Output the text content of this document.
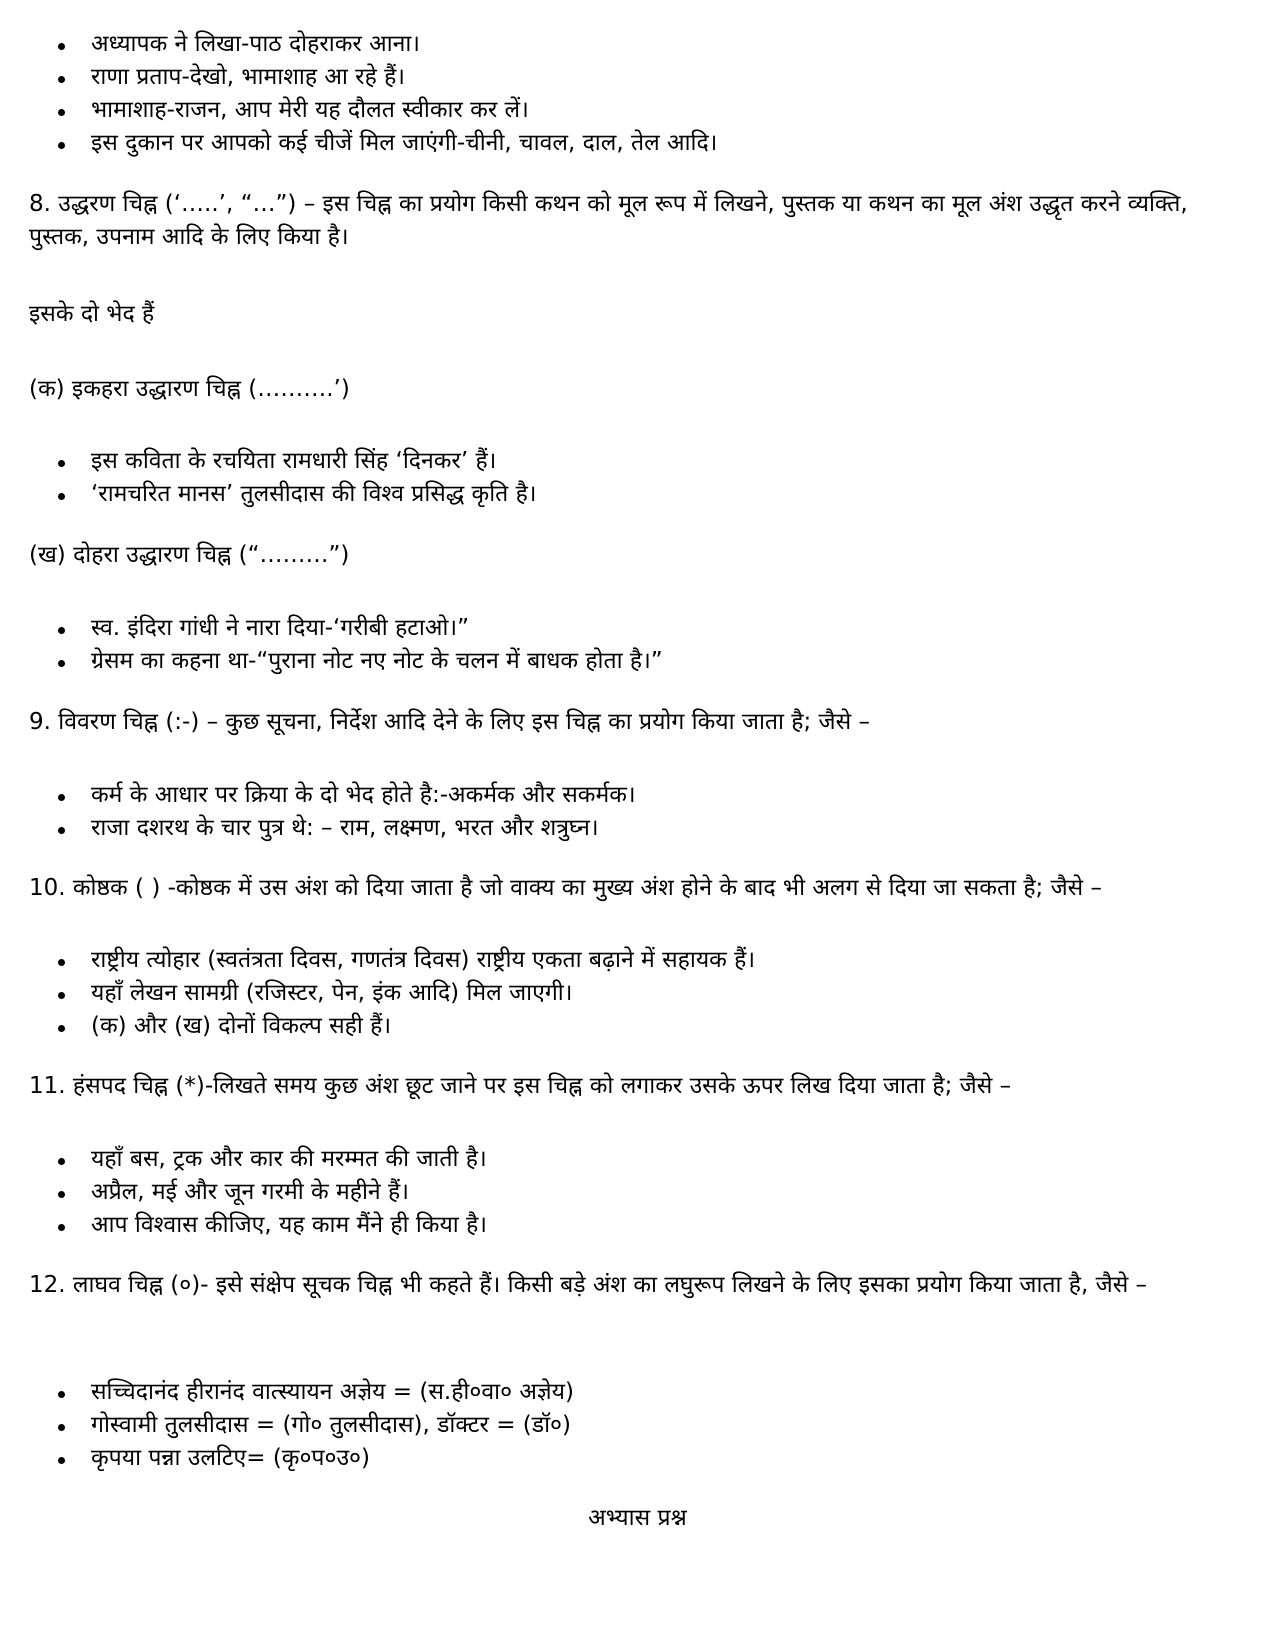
अध्यापक ने लिखा-पाठ दोहराकर आना।
राणा प्रताप-देखो, भामाशाह आ रहे हैं।
भामाशाह-राजन, आप मेरी यह दौलत स्वीकार कर लें।
इस दुकान पर आपको कई चीजें मिल जाएंगी-चीनी, चावल, दाल, तेल आदि।

8. उद्धरण चिह्न (‘…..’, “…”) – इस चिह्न का प्रयोग किसी कथन को मूल रूप में लिखने, पुस्तक या कथन का मूल अंश उद्धृत करने व्यक्ति, पुस्तक, उपनाम आदि के लिए किया है।

इसके दो भेद हैं

(क) इकहरा उद्धारण चिह्न (……….’)

इस कविता के रचयिता रामधारी सिंह ‘दिनकर’ हैं।
‘रामचरित मानस’ तुलसीदास की विश्व प्रसिद्ध कृति है।

(ख) दोहरा उद्धारण चिह्न (“………”)

स्व. इंदिरा गांधी ने नारा दिया-‘गरीबी हटाओ।”
ग्रेसम का कहना था-“पुराना नोट नए नोट के चलन में बाधक होता है।”

9. विवरण चिह्न (:-) – कुछ सूचना, निर्देश आदि देने के लिए इस चिह्न का प्रयोग किया जाता है; जैसे –

कर्म के आधार पर क्रिया के दो भेद होते है:-अकर्मक और सकर्मक।
राजा दशरथ के चार पुत्र थे: – राम, लक्ष्मण, भरत और शत्रुघ्न।

10. कोष्ठक ( ) -कोष्ठक में उस अंश को दिया जाता है जो वाक्य का मुख्य अंश होने के बाद भी अलग से दिया जा सकता है; जैसे –

राष्ट्रीय त्योहार (स्वतंत्रता दिवस, गणतंत्र दिवस) राष्ट्रीय एकता बढ़ाने में सहायक हैं।
यहाँ लेखन सामग्री (रजिस्टर, पेन, इंक आदि) मिल जाएगी।
(क) और (ख) दोनों विकल्प सही हैं।

11. हंसपद चिह्न (*)-लिखते समय कुछ अंश छूट जाने पर इस चिह्न को लगाकर उसके ऊपर लिख दिया जाता है; जैसे –

यहाँ बस, ट्रक और कार की मरम्मत की जाती है।
अप्रैल, मई और जून गरमी के महीने हैं।
आप विश्वास कीजिए, यह काम मैंने ही किया है।

12. लाघव चिह्न (०)- इसे संक्षेप सूचक चिह्न भी कहते हैं। किसी बड़े अंश का लघुरूप लिखने के लिए इसका प्रयोग किया जाता है, जैसे –

सच्चिदानंद हीरानंद वात्स्यायन अज्ञेय = (स.ही०वा० अज्ञेय)
गोस्वामी तुलसीदास = (गो० तुलसीदास), डॉक्टर = (डॉ०)
कृपया पन्ना उलटिए= (कृ०प०उ०)

अभ्यास प्रश्न
